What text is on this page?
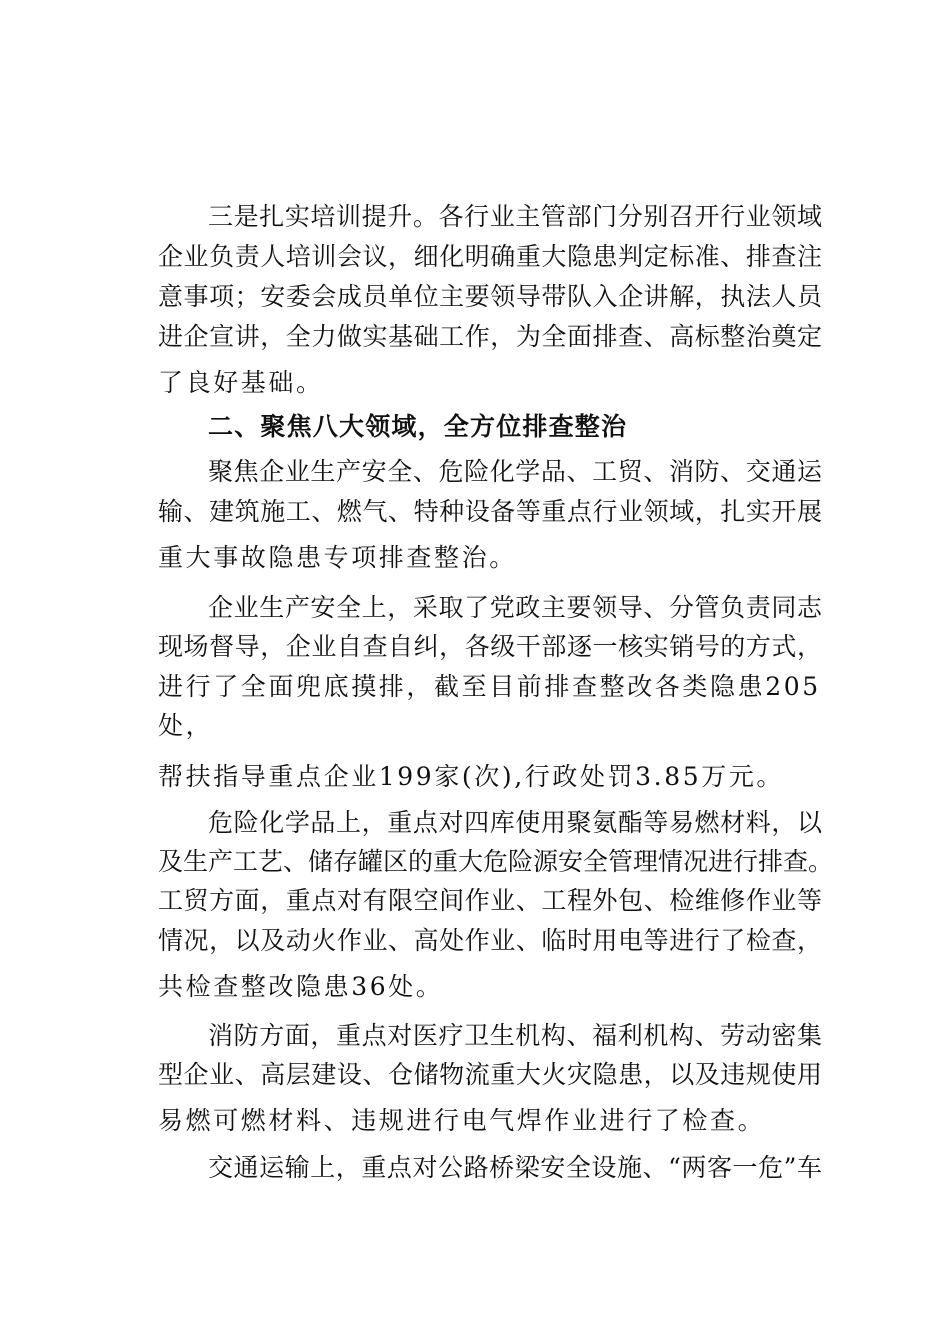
三是扎实培训提升。各行业主管部门分别召开行业领域
企业负责人培训会议，细化明确重大隐患判定标准、排查注
意事项；安委会成员单位主要领导带队入企讲解，执法人员
进企宣讲，全力做实基础工作，为全面排查、高标整治奠定
了良好基础。
二、聚焦八大领域，全方位排查整治
聚焦企业生产安全、危险化学品、工贸、消防、交通运
输、建筑施工、燃气、特种设备等重点行业领域，扎实开展
重大事故隐患专项排查整治。
企业生产安全上，采取了党政主要领导、分管负责同志
现场督导，企业自查自纠，各级干部逐一核实销号的方式，
进行了全面兜底摸排，截至目前排查整改各类隐患205
处，
帮扶指导重点企业199家(次),行政处罚3.85万元。
危险化学品上，重点对四库使用聚氨酯等易燃材料，以
及生产工艺、储存罐区的重大危险源安全管理情况进行排查。
工贸方面，重点对有限空间作业、工程外包、检维修作业等
情况，以及动火作业、高处作业、临时用电等进行了检查，
共检查整改隐患36处。
消防方面，重点对医疗卫生机构、福利机构、劳动密集
型企业、高层建设、仓储物流重大火灾隐患，以及违规使用
易燃可燃材料、违规进行电气焊作业进行了检查。
交通运输上，重点对公路桥梁安全设施、“两客一危”车
